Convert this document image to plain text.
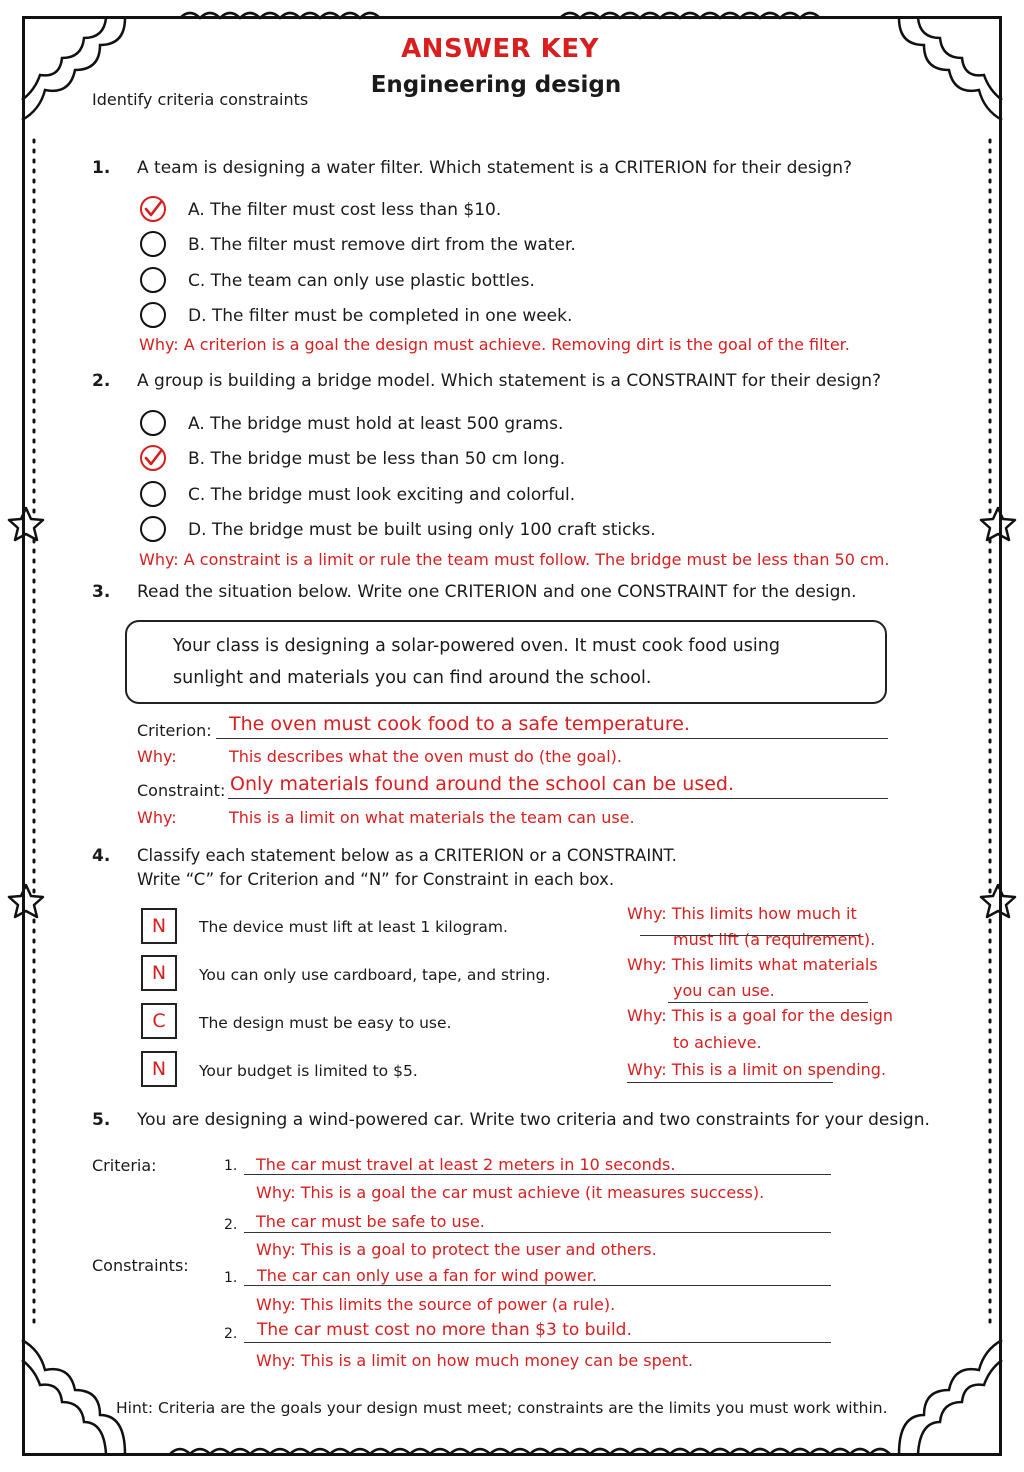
ANSWER KEY
Engineering design
Identify criteria constraints
1. A team is designing a water filter. Which statement is a CRITERION for their design?
A. The filter must cost less than $10.
B. The filter must remove dirt from the water.
C. The team can only use plastic bottles.
D. The filter must be completed in one week.
Why: A criterion is a goal the design must achieve. Removing dirt is the goal of the filter.
2. A group is building a bridge model. Which statement is a CONSTRAINT for their design?
A. The bridge must hold at least 500 grams.
B. The bridge must be less than 50 cm long.
C. The bridge must look exciting and colorful.
D. The bridge must be built using only 100 craft sticks.
Why: A constraint is a limit or rule the team must follow. The bridge must be less than 50 cm.
3. Read the situation below. Write one CRITERION and one CONSTRAINT for the design.
Your class is designing a solar-powered oven. It must cook food using
sunlight and materials you can find around the school.
Criterion: The oven must cook food to a safe temperature.
Why:	This describes what the oven must do (the goal).
Constraint: Only materials found around the school can be used.
Why:	This is a limit on what materials the team can use.
4. Classify each statement below as a CRITERION or a CONSTRAINT.
Write “C” for Criterion and “N” for Constraint in each box.
N	The device must lift at least 1 kilogram.
Why: This limits how much it
must lift (a requirement).
N	You can only use cardboard, tape, and string.
Why: This limits what materials
you can use.
C	The design must be easy to use.	Why: This is a goal for the design
to achieve.
N	Your budget is limited to $5.	Why: This is a limit on spending.
5. You are designing a wind-powered car. Write two criteria and two constraints for your design.
Criteria:
Constraints:
1. The car must travel at least 2 meters in 10 seconds.
Why: This is a goal the car must achieve (it measures success).
2. The car must be safe to use.
Why: This is a goal to protect the user and others.
1. The car can only use a fan for wind power.
Why: This limits the source of power (a rule).
2. The car must cost no more than $3 to build.
Why: This is a limit on how much money can be spent.
Hint: Criteria are the goals your design must meet; constraints are the limits you must work within.
